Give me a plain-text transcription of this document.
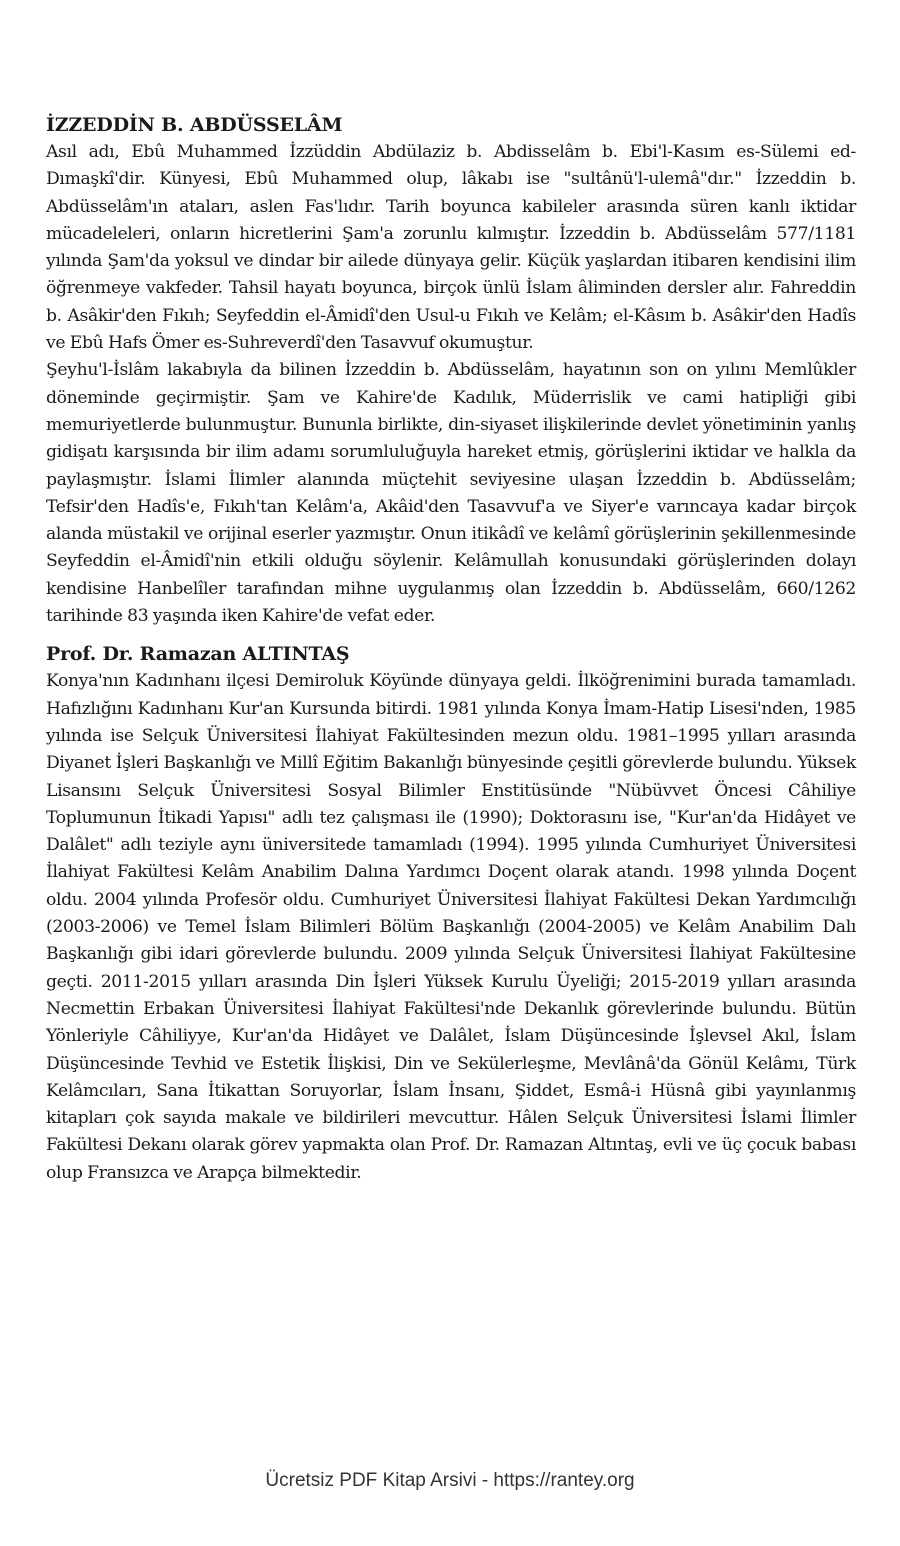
İZZEDDİN B. ABDÜSSELÂM

Asıl adı, Ebû Muhammed İzzüddin Abdülaziz b. Abdisselâm b. Ebi'l-Kasım es-Sülemi ed-Dımaşkî'dir. Künyesi, Ebû Muhammed olup, lâkabı ise "sultânü'l-ulemâ"dır." İzzeddin b. Abdüsselâm'ın ataları, aslen Fas'lıdır. Tarih boyunca kabileler arasında süren kanlı iktidar mücadeleleri, onların hicretlerini Şam'a zorunlu kılmıştır. İzzeddin b. Abdüsselâm 577/1181 yılında Şam'da yoksul ve dindar bir ailede dünyaya gelir. Küçük yaşlardan itibaren kendisini ilim öğrenmeye vakfeder. Tahsil hayatı boyunca, birçok ünlü İslam âliminden dersler alır. Fahreddin b. Asâkir'den Fıkıh; Seyfeddin el-Âmidî'den Usul-u Fıkıh ve Kelâm; el-Kâsım b. Asâkir'den Hadîs ve Ebû Hafs Ömer es-Suhreverdî'den Tasavvuf okumuştur.

Şeyhu'l-İslâm lakabıyla da bilinen İzzeddin b. Abdüsselâm, hayatının son on yılını Memlûkler döneminde geçirmiştir. Şam ve Kahire'de Kadılık, Müderrislik ve cami hatipliği gibi memuriyetlerde bulunmuştur. Bununla birlikte, din-siyaset ilişkilerinde devlet yönetiminin yanlış gidişatı karşısında bir ilim adamı sorumluluğuyla hareket etmiş, görüşlerini iktidar ve halkla da paylaşmıştır. İslami İlimler alanında müçtehit seviyesine ulaşan İzzeddin b. Abdüsselâm; Tefsir'den Hadîs'e, Fıkıh'tan Kelâm'a, Akâid'den Tasavvuf'a ve Siyer'e varıncaya kadar birçok alanda müstakil ve orijinal eserler yazmıştır. Onun itikâdî ve kelâmî görüşlerinin şekillenmesinde Seyfeddin el-Âmidî'nin etkili olduğu söylenir. Kelâmullah konusundaki görüşlerinden dolayı kendisine Hanbelîler tarafından mihne uygulanmış olan İzzeddin b. Abdüsselâm, 660/1262 tarihinde 83 yaşında iken Kahire'de vefat eder.

Prof. Dr. Ramazan ALTINTAŞ

Konya'nın Kadınhanı ilçesi Demiroluk Köyünde dünyaya geldi. İlköğrenimini burada tamamladı. Hafızlığını Kadınhanı Kur'an Kursunda bitirdi. 1981 yılında Konya İmam-Hatip Lisesi'nden, 1985 yılında ise Selçuk Üniversitesi İlahiyat Fakültesinden mezun oldu. 1981–1995 yılları arasında Diyanet İşleri Başkanlığı ve Millî Eğitim Bakanlığı bünyesinde çeşitli görevlerde bulundu. Yüksek Lisansını Selçuk Üniversitesi Sosyal Bilimler Enstitüsünde "Nübüvvet Öncesi Câhiliye Toplumunun İtikadi Yapısı" adlı tez çalışması ile (1990); Doktorasını ise, "Kur'an'da Hidâyet ve Dalâlet" adlı teziyle aynı üniversitede tamamladı (1994). 1995 yılında Cumhuriyet Üniversitesi İlahiyat Fakültesi Kelâm Anabilim Dalına Yardımcı Doçent olarak atandı. 1998 yılında Doçent oldu. 2004 yılında Profesör oldu. Cumhuriyet Üniversitesi İlahiyat Fakültesi Dekan Yardımcılığı (2003-2006) ve Temel İslam Bilimleri Bölüm Başkanlığı (2004-2005) ve Kelâm Anabilim Dalı Başkanlığı gibi idari görevlerde bulundu. 2009 yılında Selçuk Üniversitesi İlahiyat Fakültesine geçti. 2011-2015 yılları arasında Din İşleri Yüksek Kurulu Üyeliği; 2015-2019 yılları arasında Necmettin Erbakan Üniversitesi İlahiyat Fakültesi'nde Dekanlık görevlerinde bulundu. Bütün Yönleriyle Câhiliyye, Kur'an'da Hidâyet ve Dalâlet, İslam Düşüncesinde İşlevsel Akıl, İslam Düşüncesinde Tevhid ve Estetik İlişkisi, Din ve Sekülerleşme, Mevlânâ'da Gönül Kelâmı, Türk Kelâmcıları, Sana İtikattan Soruyorlar, İslam İnsanı, Şiddet, Esmâ-i Hüsnâ gibi yayınlanmış kitapları çok sayıda makale ve bildirileri mevcuttur. Hâlen Selçuk Üniversitesi İslami İlimler Fakültesi Dekanı olarak görev yapmakta olan Prof. Dr. Ramazan Altıntaş, evli ve üç çocuk babası olup Fransızca ve Arapça bilmektedir.

Ücretsiz PDF Kitap Arsivi - https://rantey.org
